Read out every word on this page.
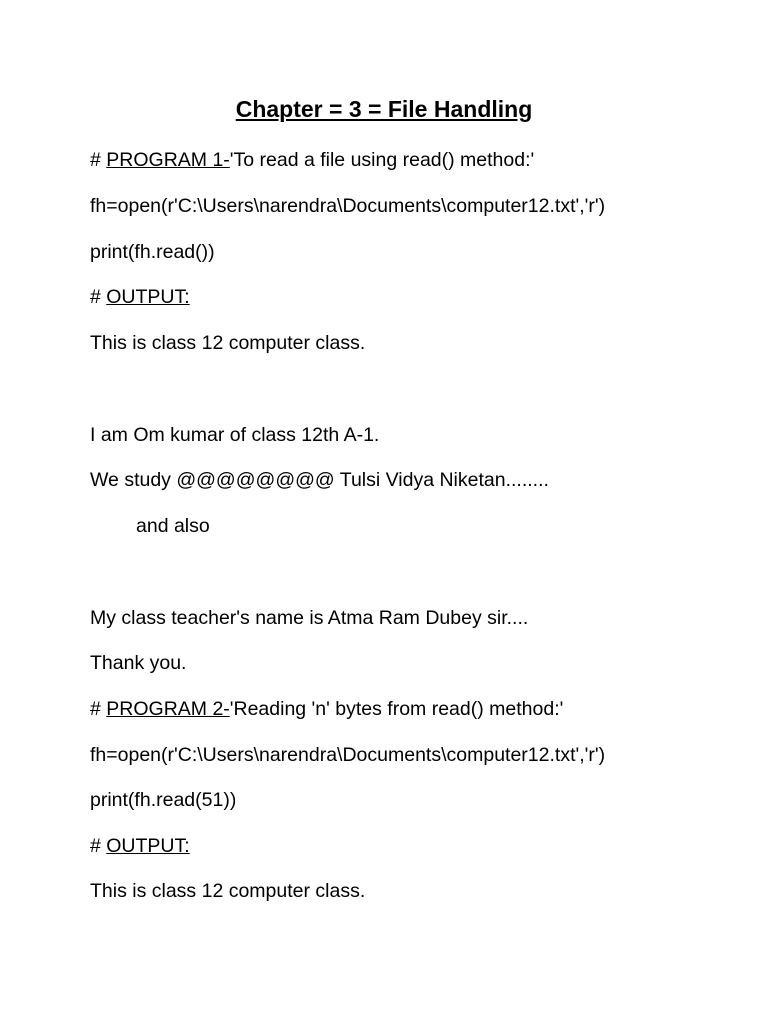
Chapter = 3 = File Handling
# PROGRAM 1-'To read a file using read() method:'
fh=open(r'C:\Users\narendra\Documents\computer12.txt','r')
print(fh.read())
# OUTPUT:
This is class 12 computer class.
I am Om kumar of class 12th A-1.
We study @@@@@@@@ Tulsi Vidya Niketan........
and also
My class teacher's name is Atma Ram Dubey sir....
Thank you.
# PROGRAM 2-'Reading 'n' bytes from read() method:'
fh=open(r'C:\Users\narendra\Documents\computer12.txt','r')
print(fh.read(51))
# OUTPUT:
This is class 12 computer class.
